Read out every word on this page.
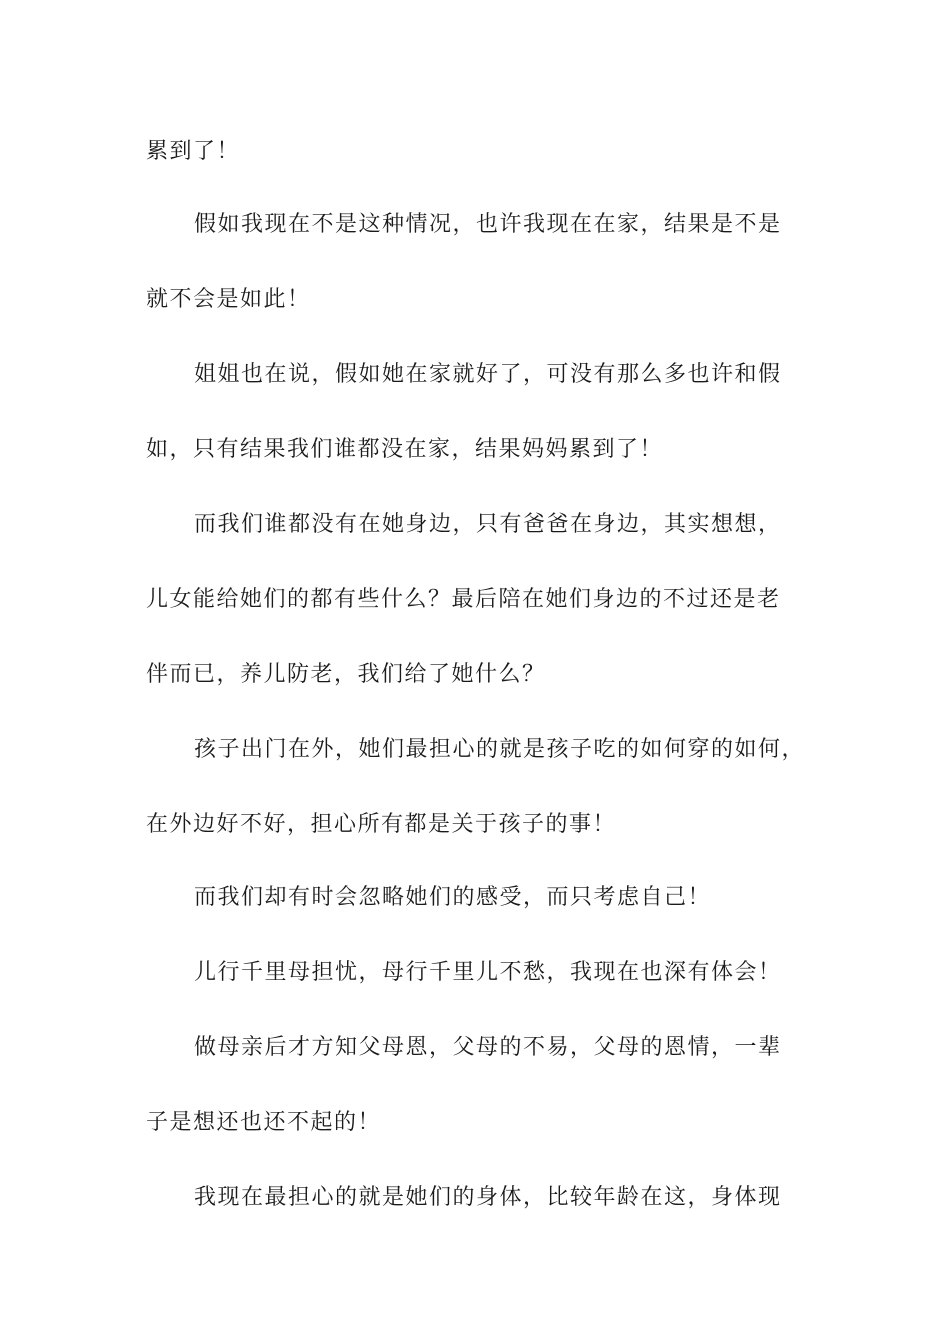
累到了！
假如我现在不是这种情况，也许我现在在家，结果是不是
就不会是如此！
姐姐也在说，假如她在家就好了，可没有那么多也许和假
如，只有结果我们谁都没在家，结果妈妈累到了！
而我们谁都没有在她身边，只有爸爸在身边，其实想想，
儿女能给她们的都有些什么？最后陪在她们身边的不过还是老
伴而已，养儿防老，我们给了她什么？
孩子出门在外，她们最担心的就是孩子吃的如何穿的如何，
在外边好不好，担心所有都是关于孩子的事！
而我们却有时会忽略她们的感受，而只考虑自己！
儿行千里母担忧，母行千里儿不愁，我现在也深有体会！
做母亲后才方知父母恩，父母的不易，父母的恩情，一辈
子是想还也还不起的！
我现在最担心的就是她们的身体，比较年龄在这，身体现
